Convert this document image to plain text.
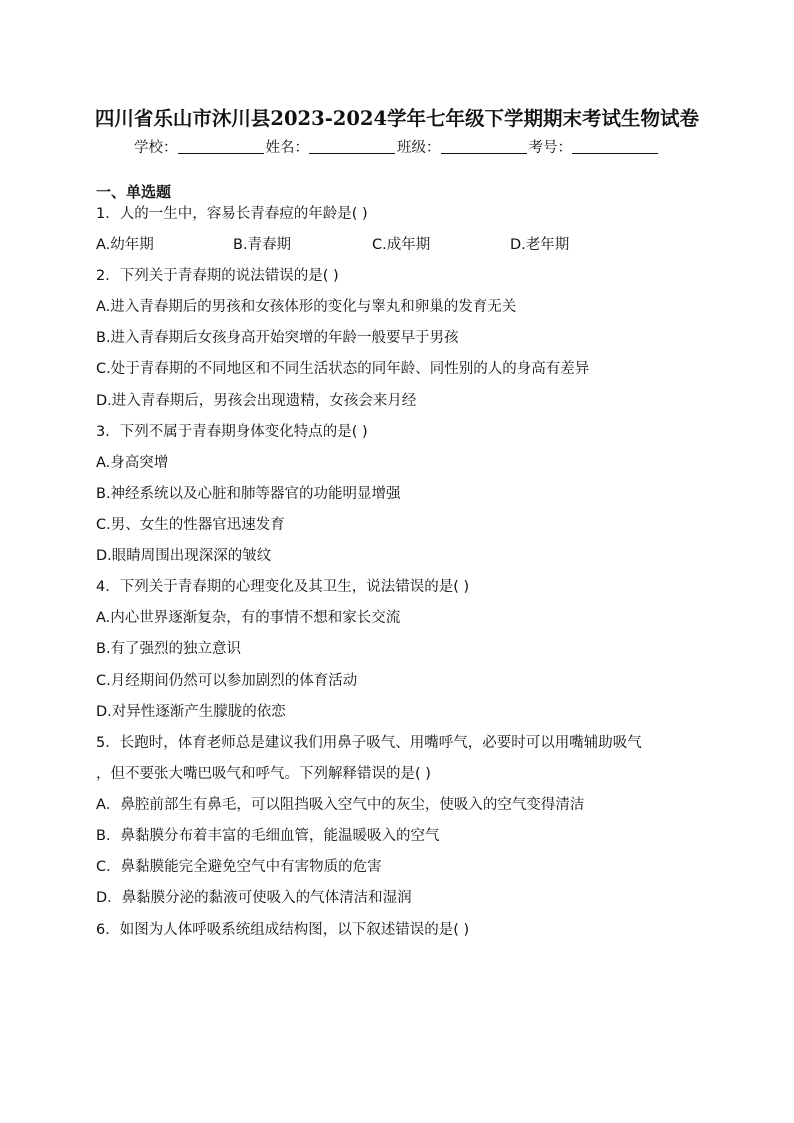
四川省乐山市沐川县2023-2024学年七年级下学期期末考试生物试卷
学校：	姓名：	班级：	考号：
一、单选题
1．人的一生中，容易长青春痘的年龄是( )
A.幼年期	B.青春期	C.成年期	D.老年期
2．下列关于青春期的说法错误的是( )
A.进入青春期后的男孩和女孩体形的变化与睾丸和卵巢的发育无关
B.进入青春期后女孩身高开始突增的年龄一般要早于男孩
C.处于青春期的不同地区和不同生活状态的同年龄、同性别的人的身高有差异
D.进入青春期后，男孩会出现遗精，女孩会来月经
3．下列不属于青春期身体变化特点的是( )
A.身高突增
B.神经系统以及心脏和肺等器官的功能明显增强
C.男、女生的性器官迅速发育
D.眼睛周围出现深深的皱纹
4．下列关于青春期的心理变化及其卫生，说法错误的是( )
A.内心世界逐渐复杂，有的事情不想和家长交流
B.有了强烈的独立意识
C.月经期间仍然可以参加剧烈的体育活动
D.对异性逐渐产生朦胧的依恋
5．长跑时，体育老师总是建议我们用鼻子吸气、用嘴呼气，必要时可以用嘴辅助吸气
，但不要张大嘴巴吸气和呼气。下列解释错误的是( )
A．鼻腔前部生有鼻毛，可以阻挡吸入空气中的灰尘，使吸入的空气变得清洁
B．鼻黏膜分布着丰富的毛细血管，能温暖吸入的空气
C．鼻黏膜能完全避免空气中有害物质的危害
D．鼻黏膜分泌的黏液可使吸入的气体清洁和湿润
6．如图为人体呼吸系统组成结构图，以下叙述错误的是( )
